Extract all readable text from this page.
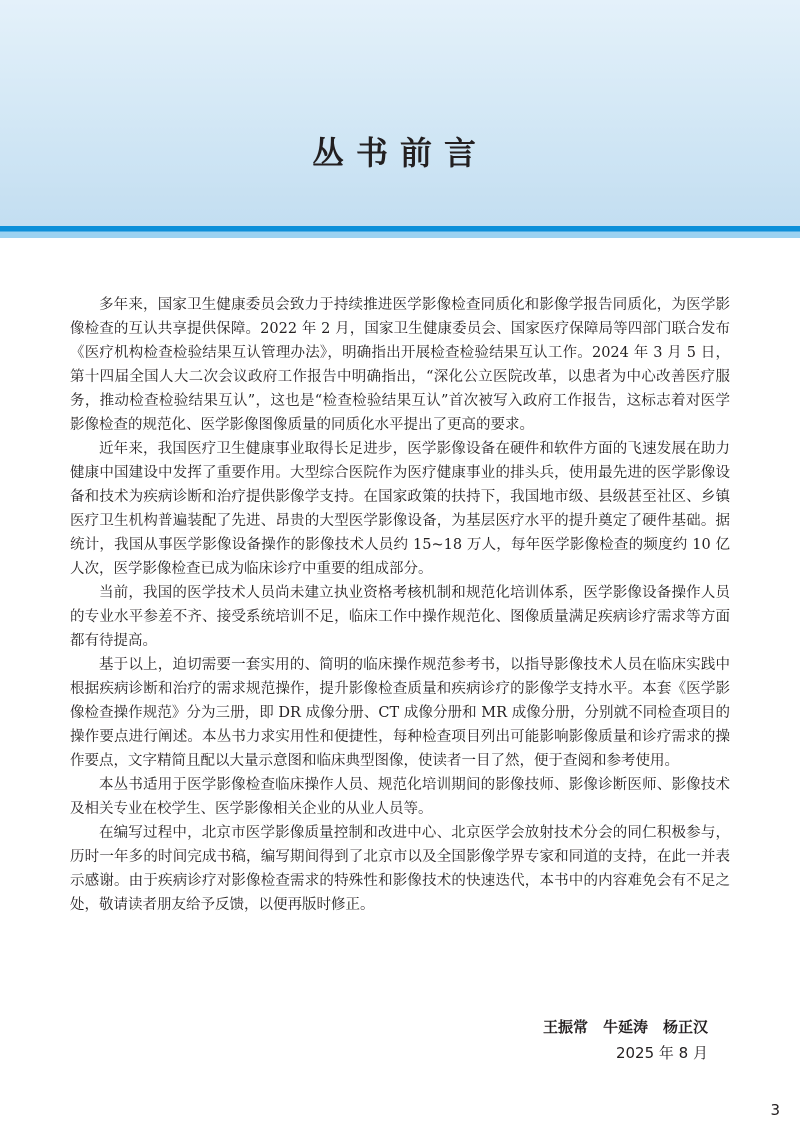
丛书前言

多年来，国家卫生健康委员会致力于持续推进医学影像检查同质化和影像学报告同质化，为医学影像检查的互认共享提供保障。2022 年 2 月，国家卫生健康委员会、国家医疗保障局等四部门联合发布《医疗机构检查检验结果互认管理办法》，明确指出开展检查检验结果互认工作。2024 年 3 月 5 日，第十四届全国人大二次会议政府工作报告中明确指出，“深化公立医院改革，以患者为中心改善医疗服务，推动检查检验结果互认”，这也是“检查检验结果互认”首次被写入政府工作报告，这标志着对医学影像检查的规范化、医学影像图像质量的同质化水平提出了更高的要求。

近年来，我国医疗卫生健康事业取得长足进步，医学影像设备在硬件和软件方面的飞速发展在助力健康中国建设中发挥了重要作用。大型综合医院作为医疗健康事业的排头兵，使用最先进的医学影像设备和技术为疾病诊断和治疗提供影像学支持。在国家政策的扶持下，我国地市级、县级甚至社区、乡镇医疗卫生机构普遍装配了先进、昂贵的大型医学影像设备，为基层医疗水平的提升奠定了硬件基础。据统计，我国从事医学影像设备操作的影像技术人员约 15~18 万人，每年医学影像检查的频度约 10 亿人次，医学影像检查已成为临床诊疗中重要的组成部分。

当前，我国的医学技术人员尚未建立执业资格考核机制和规范化培训体系，医学影像设备操作人员的专业水平参差不齐、接受系统培训不足，临床工作中操作规范化、图像质量满足疾病诊疗需求等方面都有待提高。

基于以上，迫切需要一套实用的、简明的临床操作规范参考书，以指导影像技术人员在临床实践中根据疾病诊断和治疗的需求规范操作，提升影像检查质量和疾病诊疗的影像学支持水平。本套《医学影像检查操作规范》分为三册，即 DR 成像分册、CT 成像分册和 MR 成像分册，分别就不同检查项目的操作要点进行阐述。本丛书力求实用性和便捷性，每种检查项目列出可能影响影像质量和诊疗需求的操作要点，文字精简且配以大量示意图和临床典型图像，使读者一目了然，便于查阅和参考使用。

本丛书适用于医学影像检查临床操作人员、规范化培训期间的影像技师、影像诊断医师、影像技术及相关专业在校学生、医学影像相关企业的从业人员等。

在编写过程中，北京市医学影像质量控制和改进中心、北京医学会放射技术分会的同仁积极参与，历时一年多的时间完成书稿，编写期间得到了北京市以及全国影像学界专家和同道的支持，在此一并表示感谢。由于疾病诊疗对影像检查需求的特殊性和影像技术的快速迭代，本书中的内容难免会有不足之处，敬请读者朋友给予反馈，以便再版时修正。

王振常　牛延涛　杨正汉
2025 年 8 月
3
